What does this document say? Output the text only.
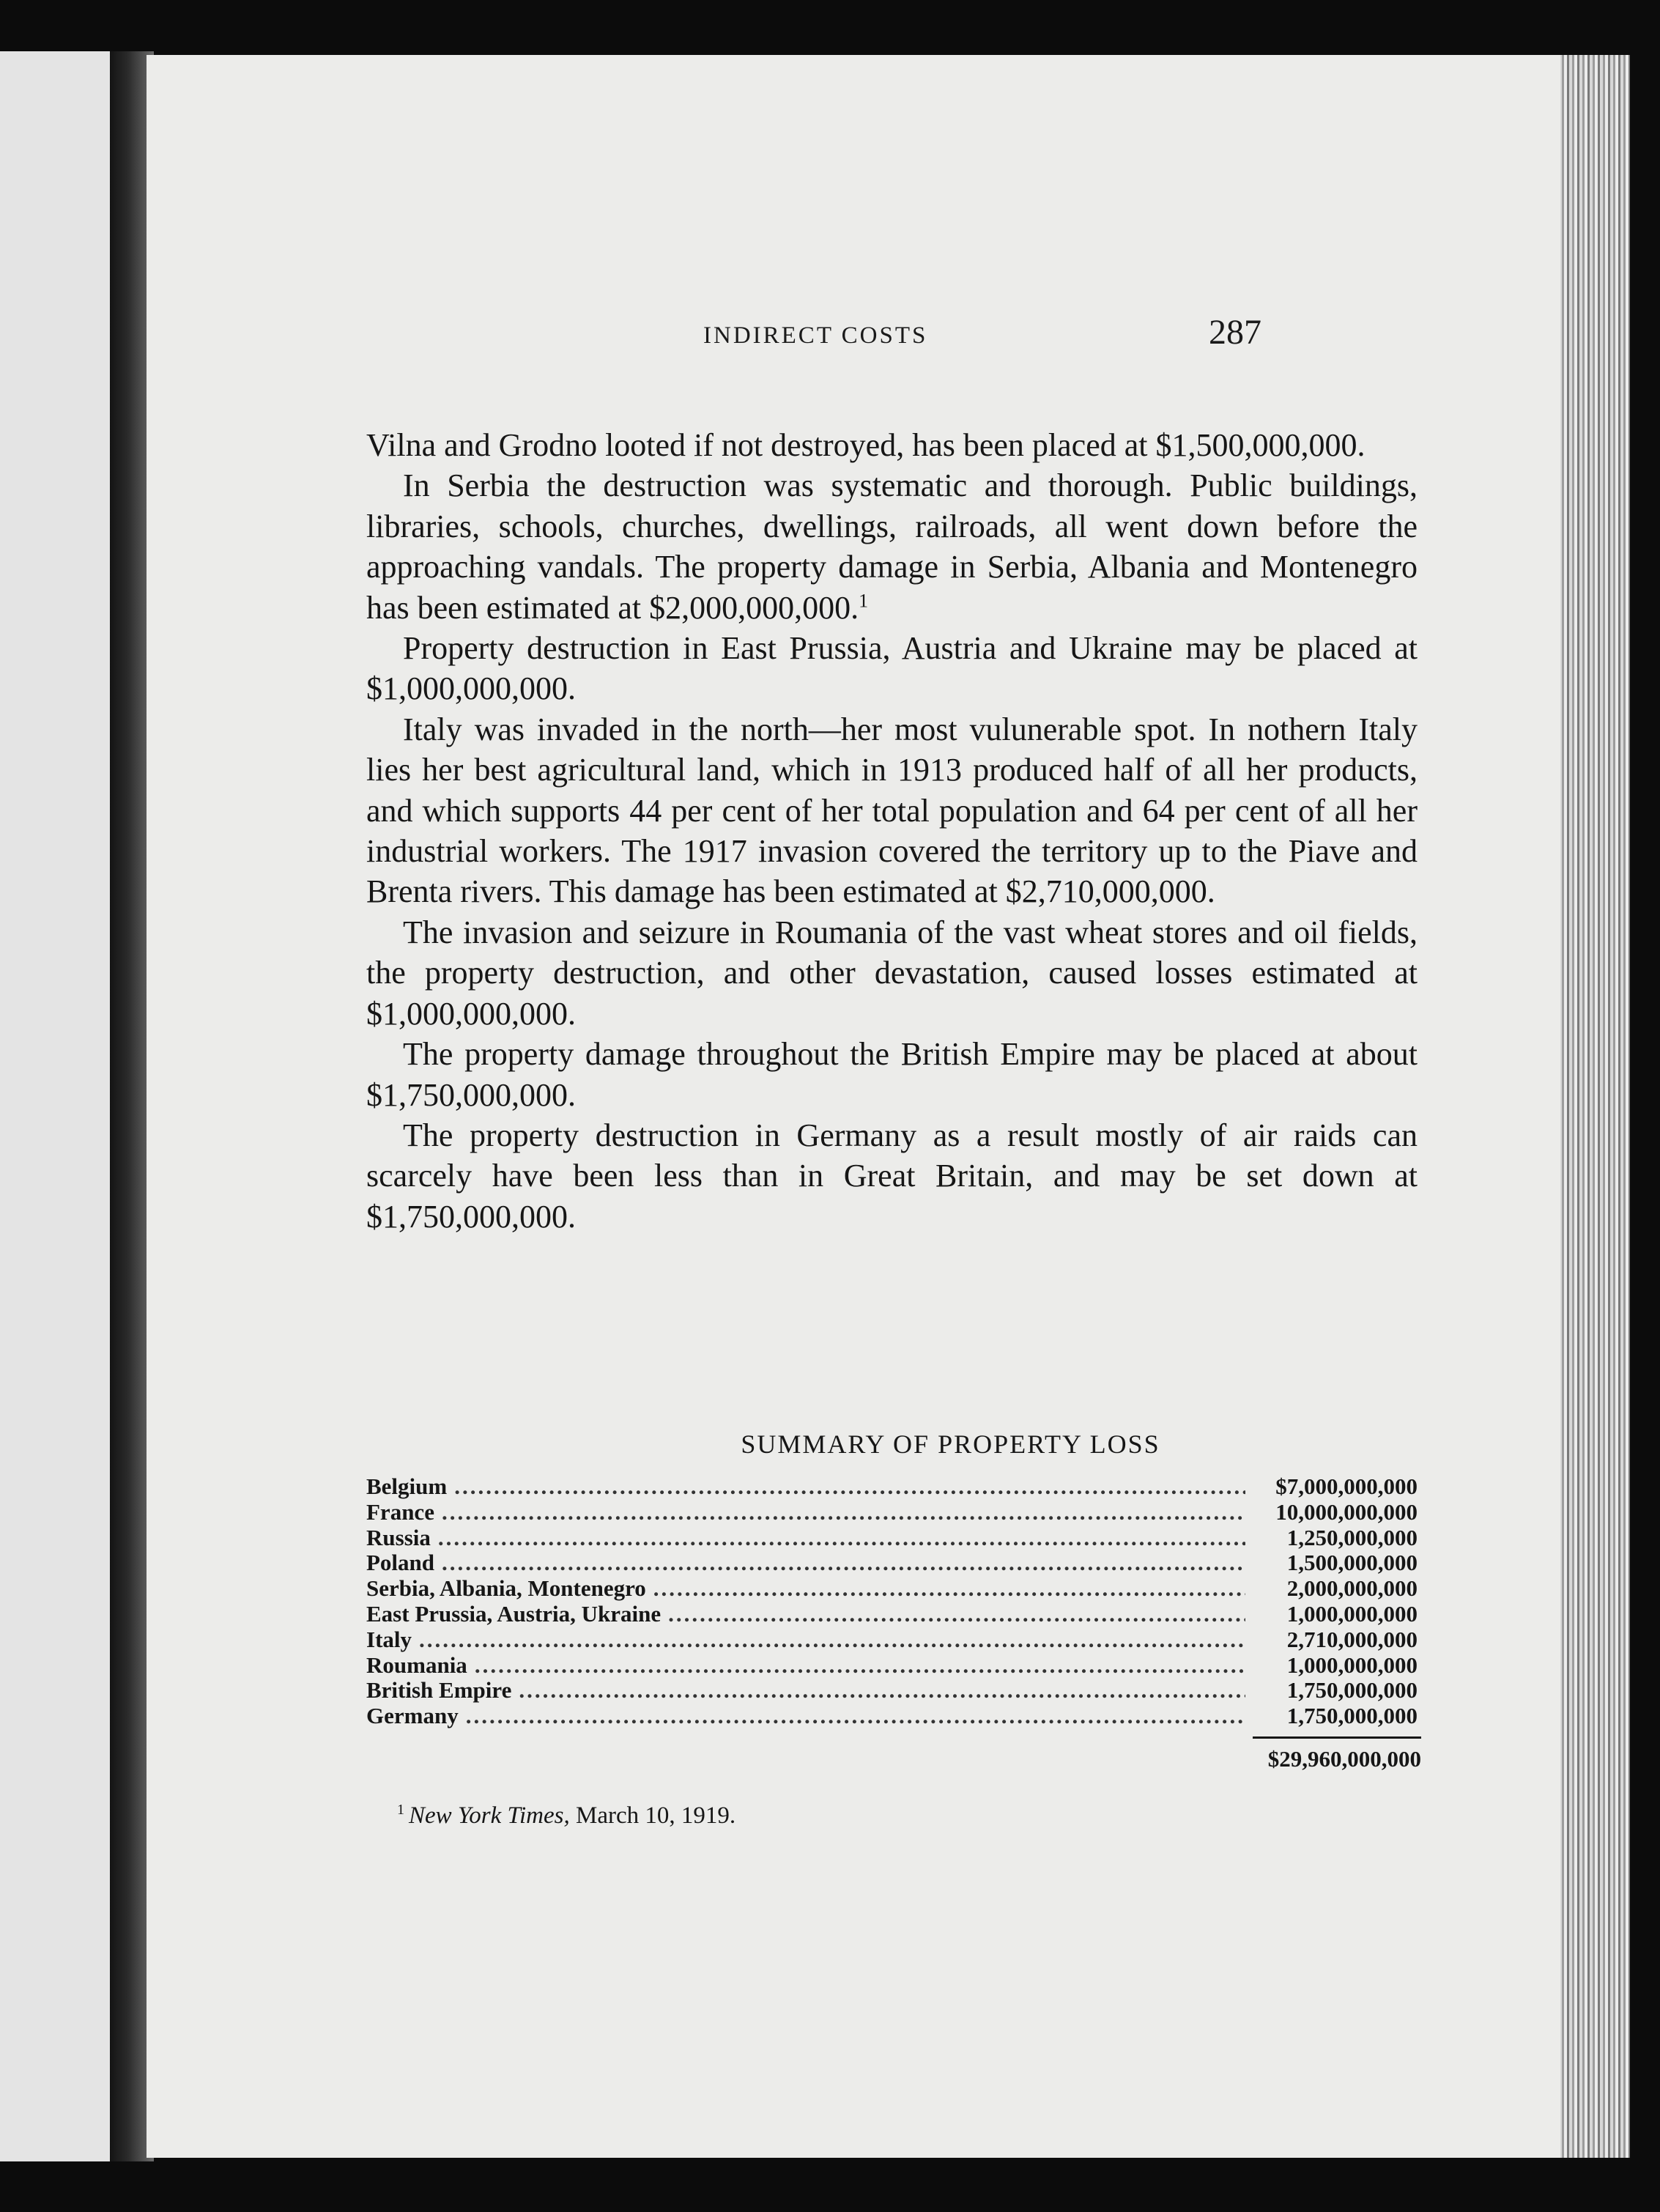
INDIRECT COSTS	287

Vilna and Grodno looted if not destroyed, has been placed at $1,500,000,000.

In Serbia the destruction was systematic and thorough. Public buildings, libraries, schools, churches, dwellings, railroads, all went down before the approaching vandals. The property damage in Serbia, Albania and Montenegro has been estimated at $2,000,000,000.$^1$

Property destruction in East Prussia, Austria and Ukraine may be placed at $1,000,000,000.

Italy was invaded in the north—her most vulunerable spot. In nothern Italy lies her best agricultural land, which in 1913 produced half of all her products, and which supports 44 per cent of her total population and 64 per cent of all her industrial workers. The 1917 invasion covered the territory up to the Piave and Brenta rivers. This damage has been estimated at $2,710,000,000.

The invasion and seizure in Roumania of the vast wheat stores and oil fields, the property destruction, and other devastation, caused losses estimated at $1,000,000,000.

The property damage throughout the British Empire may be placed at about $1,750,000,000.

The property destruction in Germany as a result mostly of air raids can scarcely have been less than in Great Britain, and may be set down at $1,750,000,000.

SUMMARY OF PROPERTY LOSS
Belgium .....	$7,000,000,000
France .....	10,000,000,000
Russia .....	1,250,000,000
Poland .....	1,500,000,000
Serbia, Albania, Montenegro .....	2,000,000,000
East Prussia, Austria, Ukraine .....	1,000,000,000
Italy .....	2,710,000,000
Roumania .....	1,000,000,000
British Empire .....	1,750,000,000
Germany .....	1,750,000,000
$29,960,000,000
$^1$ New York Times, March 10, 1919.
